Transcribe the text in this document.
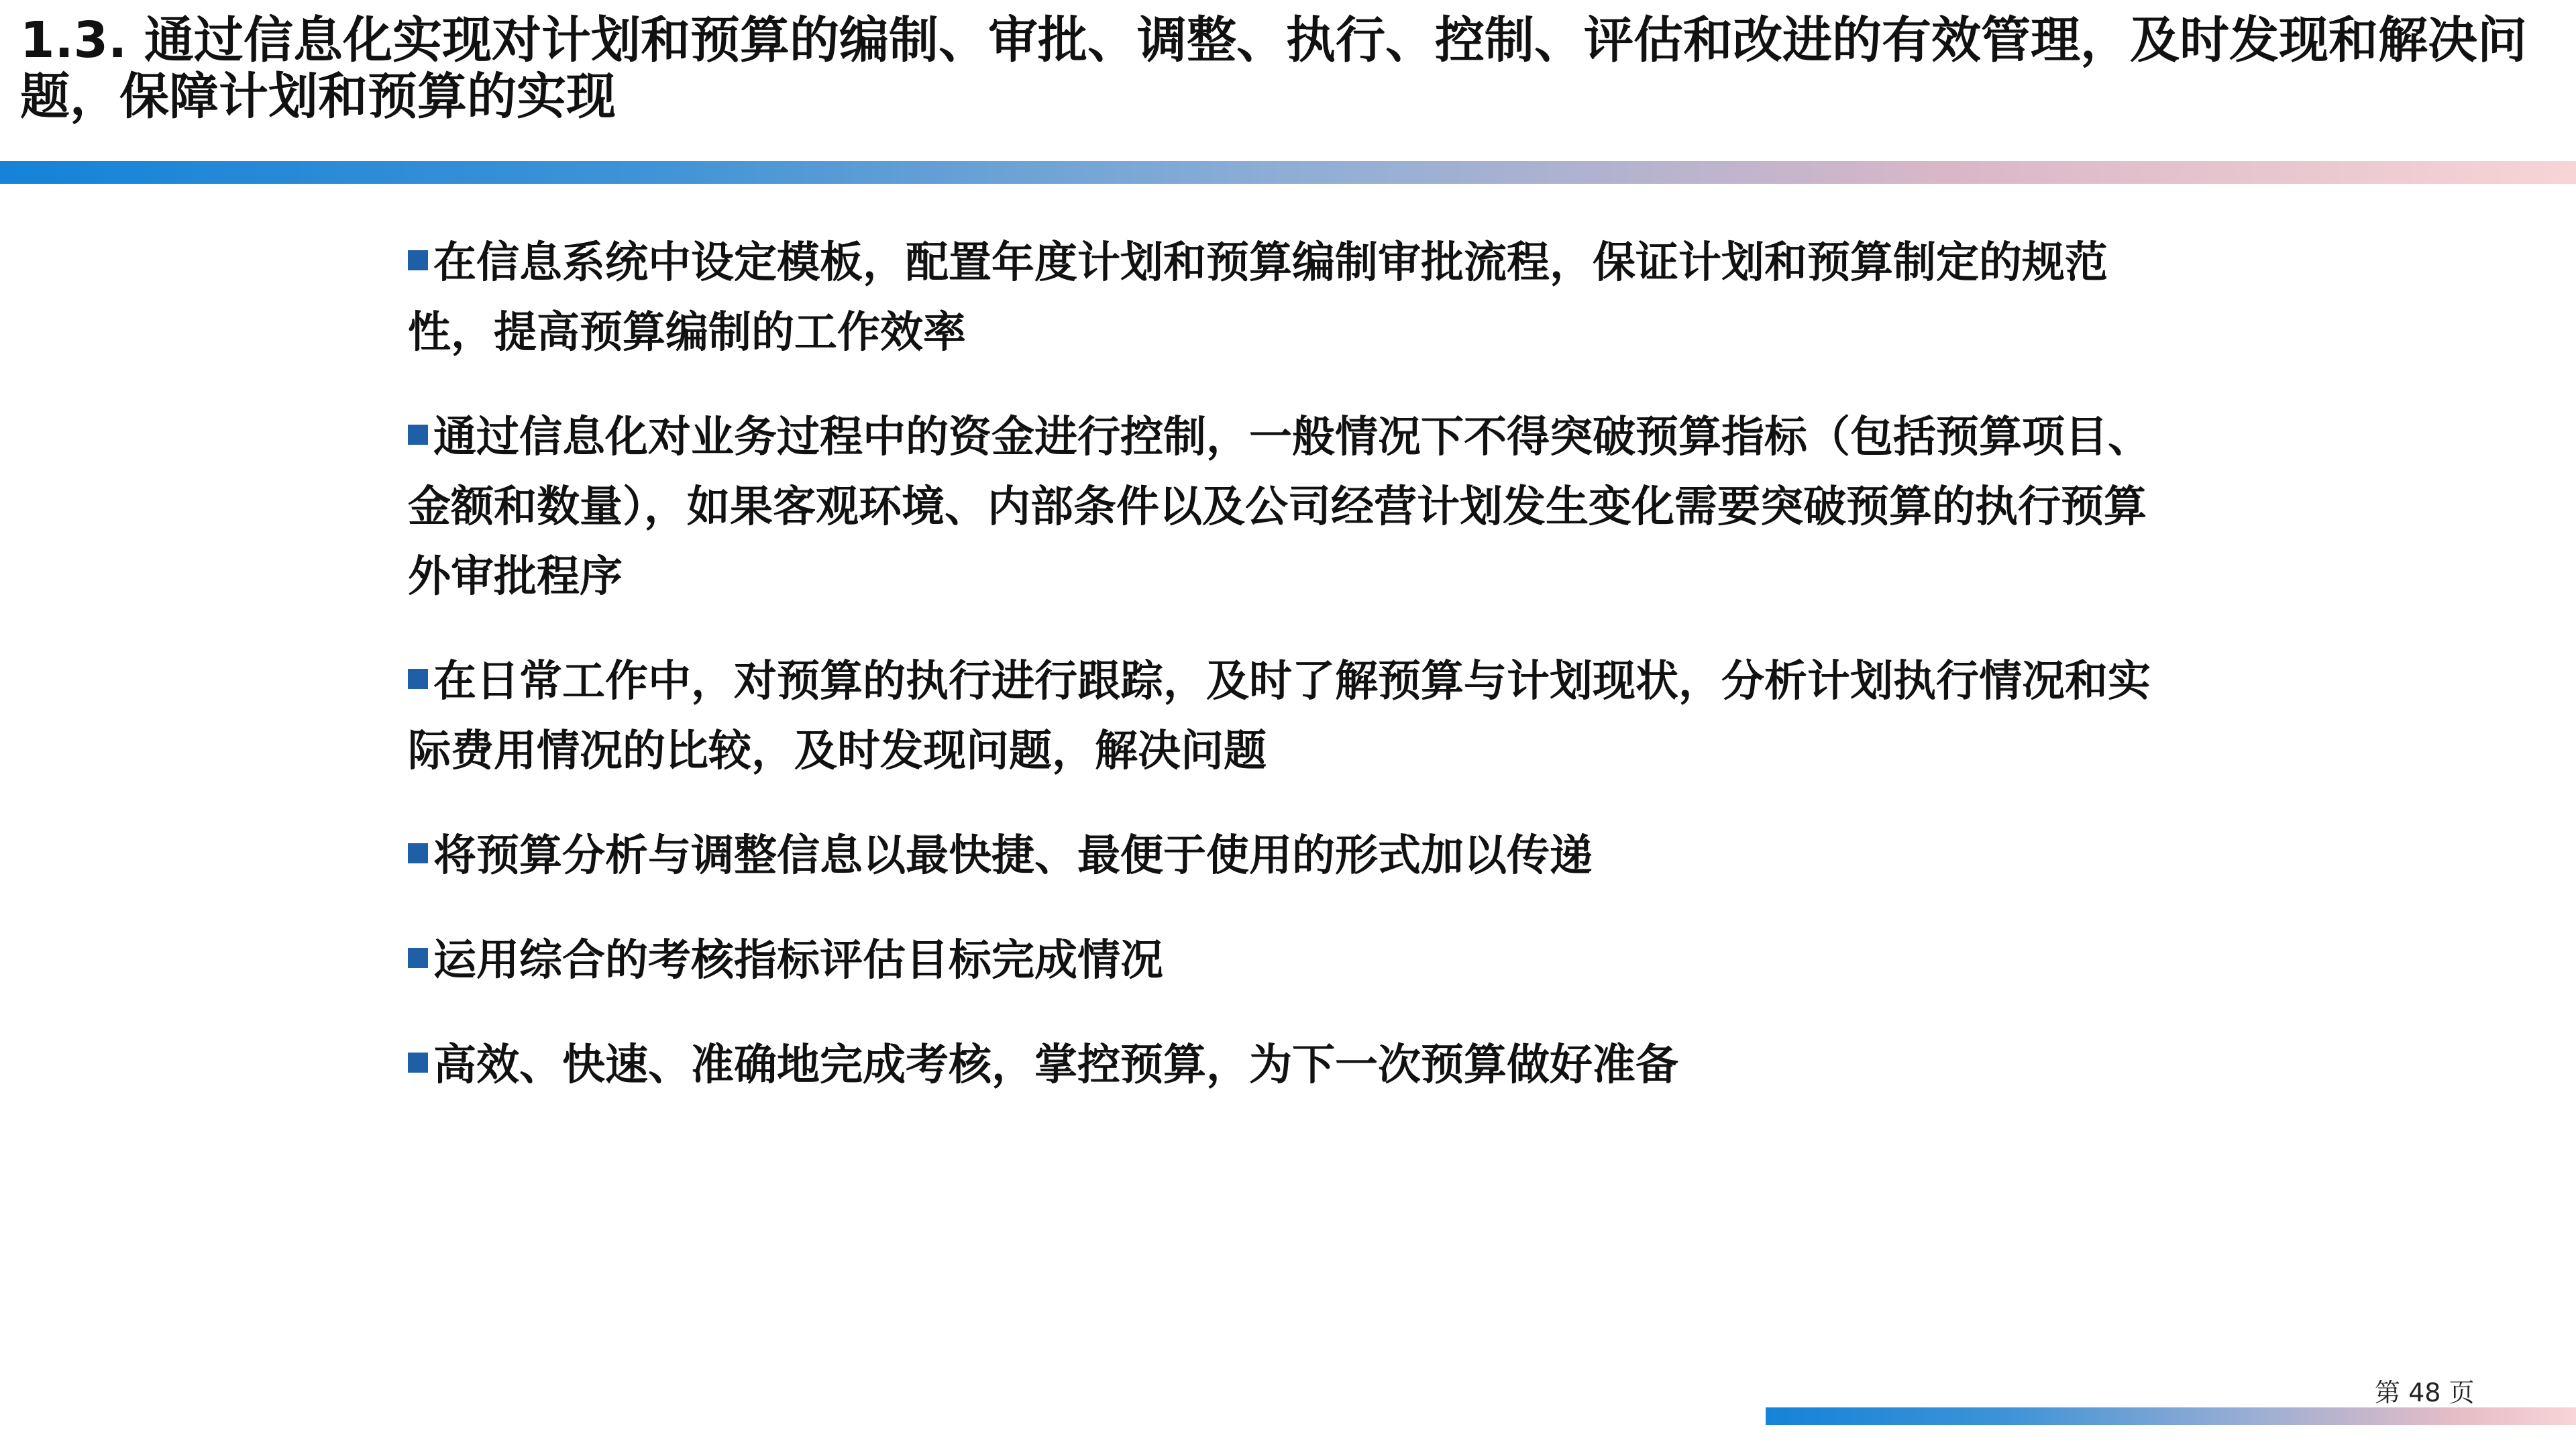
1.3. 通过信息化实现对计划和预算的编制、审批、调整、执行、控制、评估和改进的有效管理，及时发现和解决问题，保障计划和预算的实现
在信息系统中设定模板，配置年度计划和预算编制审批流程，保证计划和预算制定的规范性，提高预算编制的工作效率
通过信息化对业务过程中的资金进行控制，一般情况下不得突破预算指标（包括预算项目、金额和数量），如果客观环境、内部条件以及公司经营计划发生变化需要突破预算的执行预算外审批程序
在日常工作中，对预算的执行进行跟踪，及时了解预算与计划现状，分析计划执行情况和实际费用情况的比较，及时发现问题，解决问题
将预算分析与调整信息以最快捷、最便于使用的形式加以传递
运用综合的考核指标评估目标完成情况
高效、快速、准确地完成考核，掌控预算，为下一次预算做好准备
第 48 页
